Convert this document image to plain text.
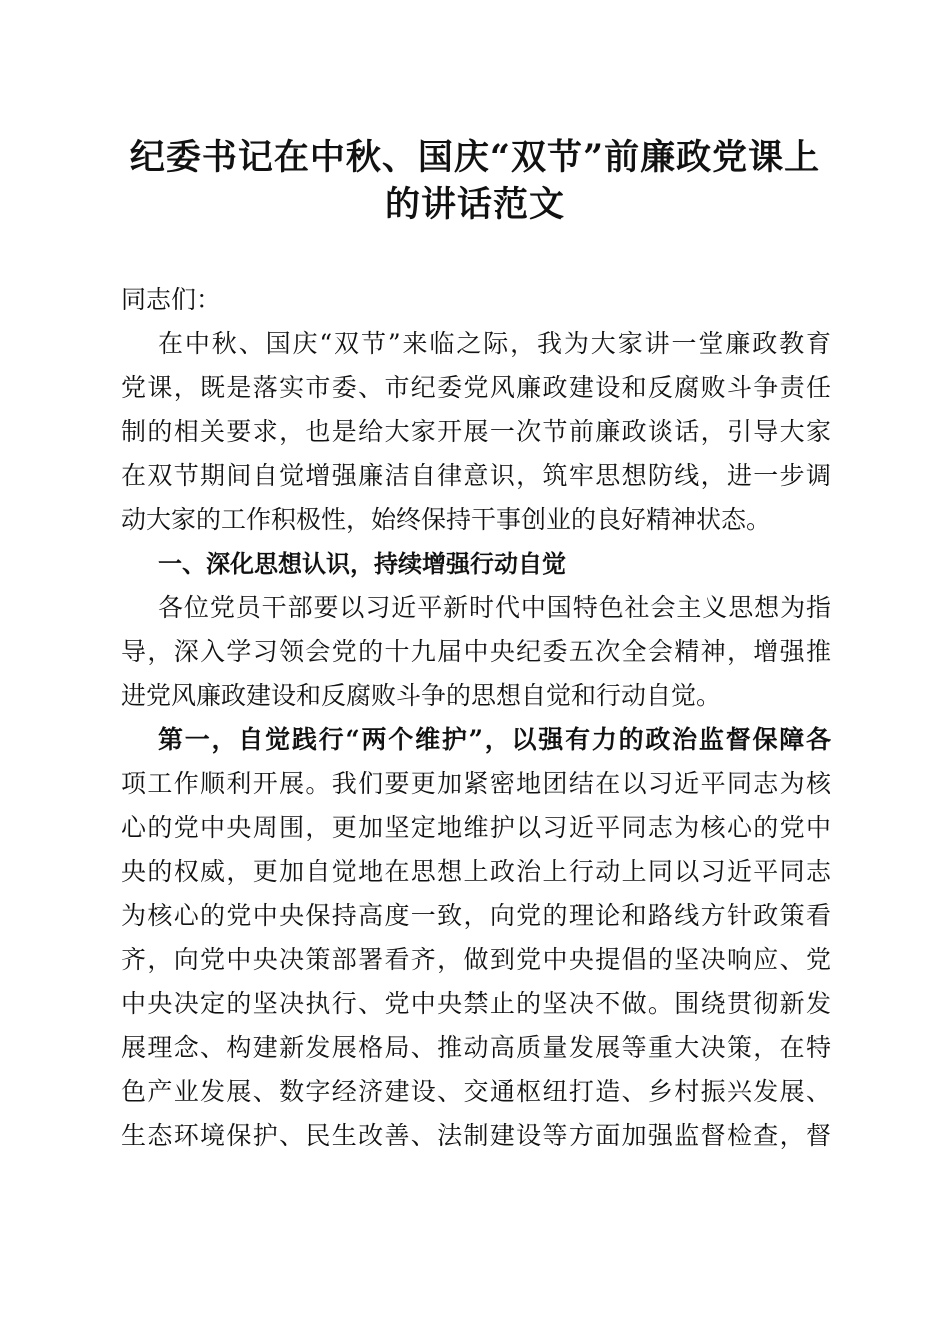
纪委书记在中秋、国庆“双节”前廉政党课上
的讲话范文

同志们：

在中秋、国庆“双节”来临之际，我为大家讲一堂廉政教育

党课，既是落实市委、市纪委党风廉政建设和反腐败斗争责任

制的相关要求，也是给大家开展一次节前廉政谈话，引导大家

在双节期间自觉增强廉洁自律意识，筑牢思想防线，进一步调

动大家的工作积极性，始终保持干事创业的良好精神状态。

一、深化思想认识，持续增强行动自觉

各位党员干部要以习近平新时代中国特色社会主义思想为指

导，深入学习领会党的十九届中央纪委五次全会精神，增强推

进党风廉政建设和反腐败斗争的思想自觉和行动自觉。

第一，自觉践行“两个维护”，以强有力的政治监督保障各

项工作顺利开展。我们要更加紧密地团结在以习近平同志为核

心的党中央周围，更加坚定地维护以习近平同志为核心的党中

央的权威，更加自觉地在思想上政治上行动上同以习近平同志

为核心的党中央保持高度一致，向党的理论和路线方针政策看

齐，向党中央决策部署看齐，做到党中央提倡的坚决响应、党

中央决定的坚决执行、党中央禁止的坚决不做。围绕贯彻新发

展理念、构建新发展格局、推动高质量发展等重大决策，在特

色产业发展、数字经济建设、交通枢纽打造、乡村振兴发展、

生态环境保护、民生改善、法制建设等方面加强监督检查，督
